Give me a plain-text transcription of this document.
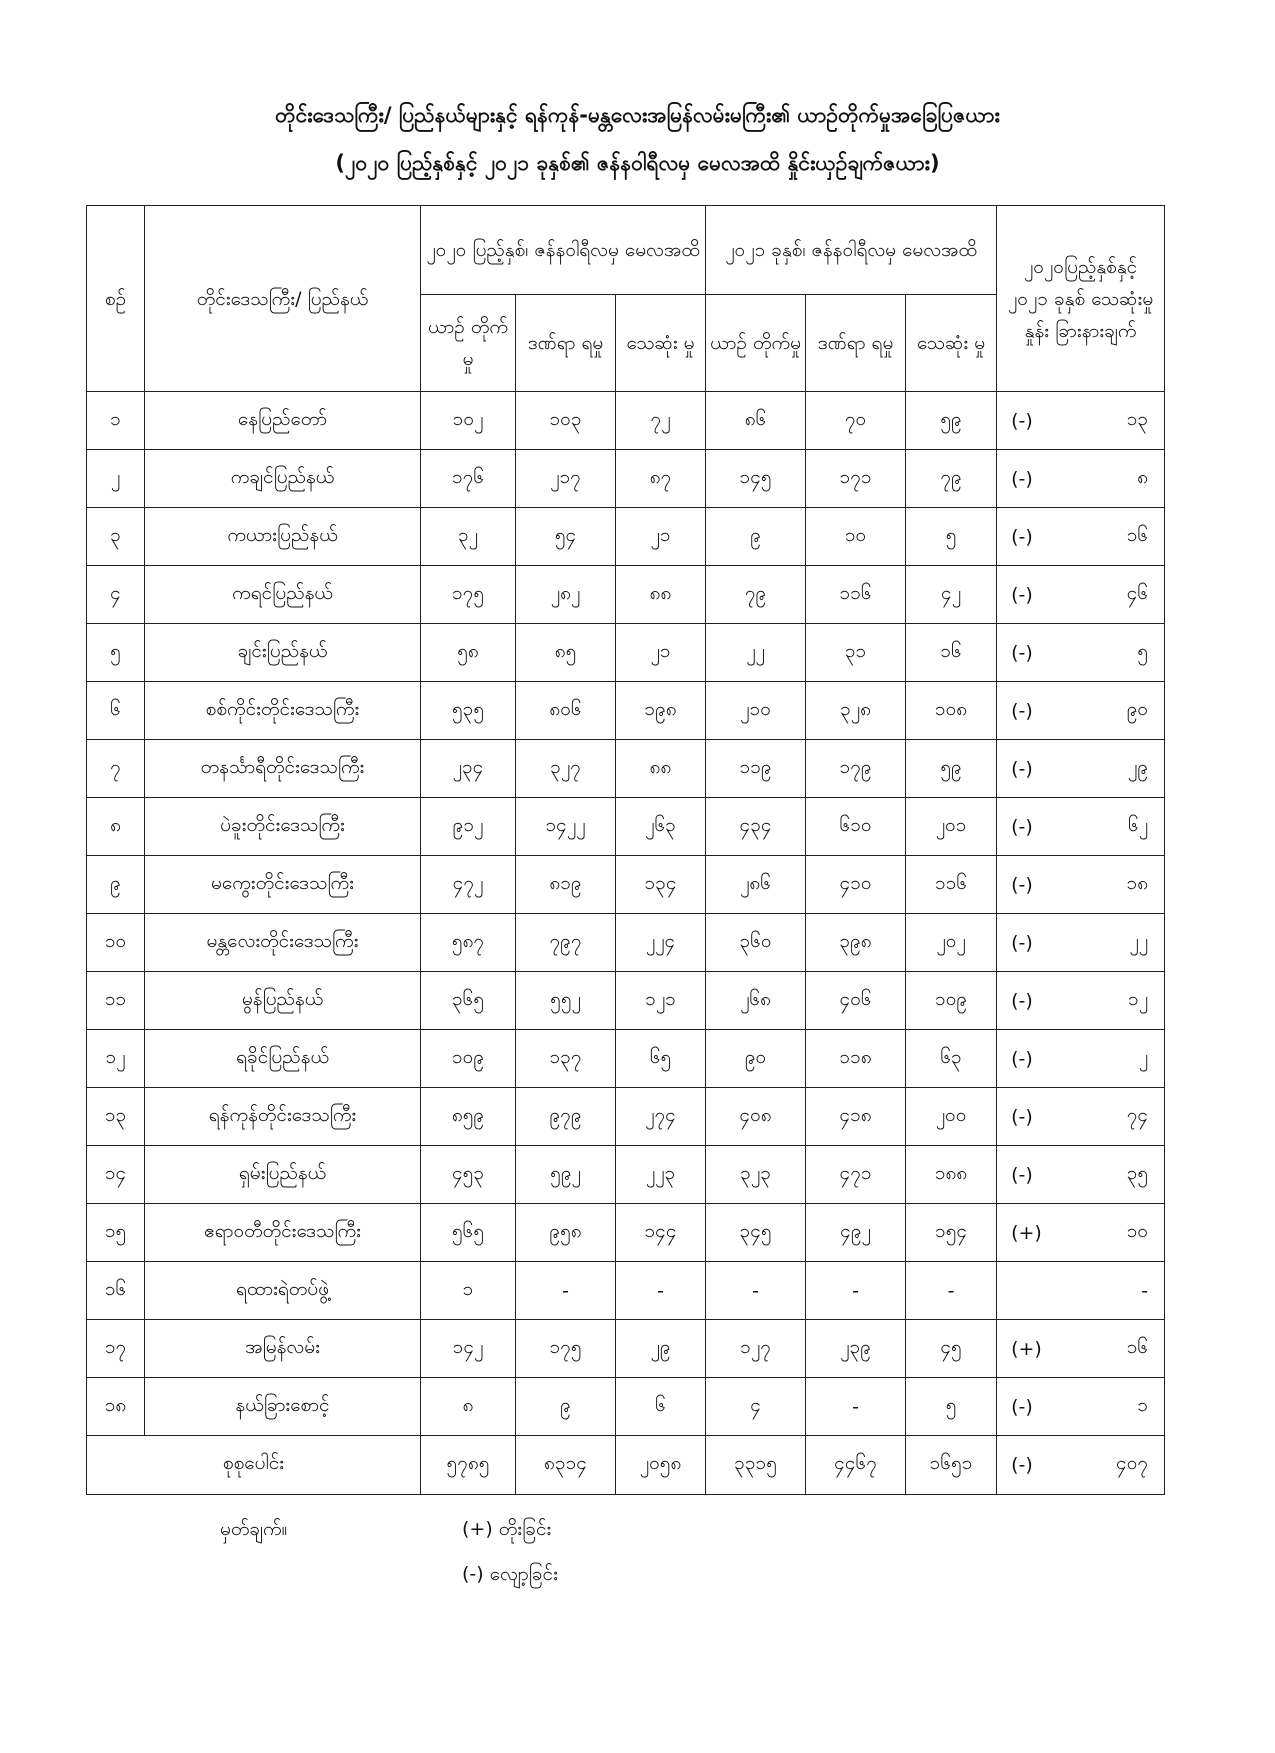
တိုင်းဒေသကြီး/ ပြည်နယ်များနှင့် ရန်ကုန်-မန္တလေးအမြန်လမ်းမကြီး၏ ယာဉ်တိုက်မှုအခြေပြဇယား
(၂၀၂၀ ပြည့်နှစ်နှင့် ၂၀၂၁ ခုနှစ်၏ ဇန်နဝါရီလမှ မေလအထိ နှိုင်းယှဉ်ချက်ဇယား)
စဉ်	တိုင်းဒေသကြီး/ ပြည်နယ်	၂၀၂၀ ပြည့်နှစ်၊ ဇန်နဝါရီလမှ မေလအထိ			၂၀၂၁ ခုနှစ်၊ ဇန်နဝါရီလမှ မေလအထိ			၂၀၂၀ပြည့်နှစ်နှင့် ၂၀၂၁ ခုနှစ် သေဆုံးမှုနှုန်း ခြားနားချက်
		ယာဉ် တိုက်မှု	ဒဏ်ရာ ရမှု	သေဆုံး မှု	ယာဉ် တိုက်မှု	ဒဏ်ရာ ရမှု	သေဆုံး မှု	
၁	နေပြည်တော်	၁၀၂	၁၀၃	၇၂	၈၆	၇၀	၅၉	(-) ၁၃

၂	ကချင်ပြည်နယ်	၁၇၆	၂၁၇	၈၇	၁၄၅	၁၇၁	၇၉	(-) ၈

၃	ကယားပြည်နယ်	၃၂	၅၄	၂၁	၉	၁၀	၅	(-) ၁၆

၄	ကရင်ပြည်နယ်	၁၇၅	၂၈၂	၈၈	၇၉	၁၁၆	၄၂	(-) ၄၆

၅	ချင်းပြည်နယ်	၅၈	၈၅	၂၁	၂၂	၃၁	၁၆	(-) ၅

၆	စစ်ကိုင်းတိုင်းဒေသကြီး	၅၃၅	၈၀၆	၁၉၈	၂၁၀	၃၂၈	၁၀၈	(-) ၉၀

၇	တနင်္သာရီတိုင်းဒေသကြီး	၂၃၄	၃၂၇	၈၈	၁၁၉	၁၇၉	၅၉	(-) ၂၉

၈	ပဲခူးတိုင်းဒေသကြီး	၉၁၂	၁၄၂၂	၂၆၃	၄၃၄	၆၁၀	၂၀၁	(-) ၆၂

၉	မကွေးတိုင်းဒေသကြီး	၄၇၂	၈၁၉	၁၃၄	၂၈၆	၄၁၀	၁၁၆	(-) ၁၈

၁၀	မန္တလေးတိုင်းဒေသကြီး	၅၈၇	၇၉၇	၂၂၄	၃၆၀	၃၉၈	၂၀၂	(-) ၂၂

၁၁	မွန်ပြည်နယ်	၃၆၅	၅၅၂	၁၂၁	၂၆၈	၄၀၆	၁၀၉	(-) ၁၂

၁၂	ရခိုင်ပြည်နယ်	၁၀၉	၁၃၇	၆၅	၉၀	၁၁၈	၆၃	(-) ၂

၁၃	ရန်ကုန်တိုင်းဒေသကြီး	၈၅၉	၉၇၉	၂၇၄	၄၀၈	၄၁၈	၂၀၀	(-) ၇၄

၁၄	ရှမ်းပြည်နယ်	၄၅၃	၅၉၂	၂၂၃	၃၂၃	၄၇၁	၁၈၈	(-) ၃၅

၁၅	ဧရာဝတီတိုင်းဒေသကြီး	၅၆၅	၉၅၈	၁၄၄	၃၄၅	၄၉၂	၁၅၄	(+) ၁၀

၁၆	ရထားရဲတပ်ဖွဲ့	၁	-	-	-	-	-	-

၁၇	အမြန်လမ်း	၁၄၂	၁၇၅	၂၉	၁၂၇	၂၃၉	၄၅	(+) ၁၆

၁၈	နယ်ခြားစောင့်	၈	၉	၆	၄	-	၅	(-) ၁

စုစုပေါင်း		၅၇၈၅	၈၃၁၄	၂၀၅၈	၃၃၁၅	၄၄၆၇	၁၆၅၁	(-) ၄၀၇
မှတ်ချက်။	(+) တိုးခြင်း
(-) လျော့ခြင်း
